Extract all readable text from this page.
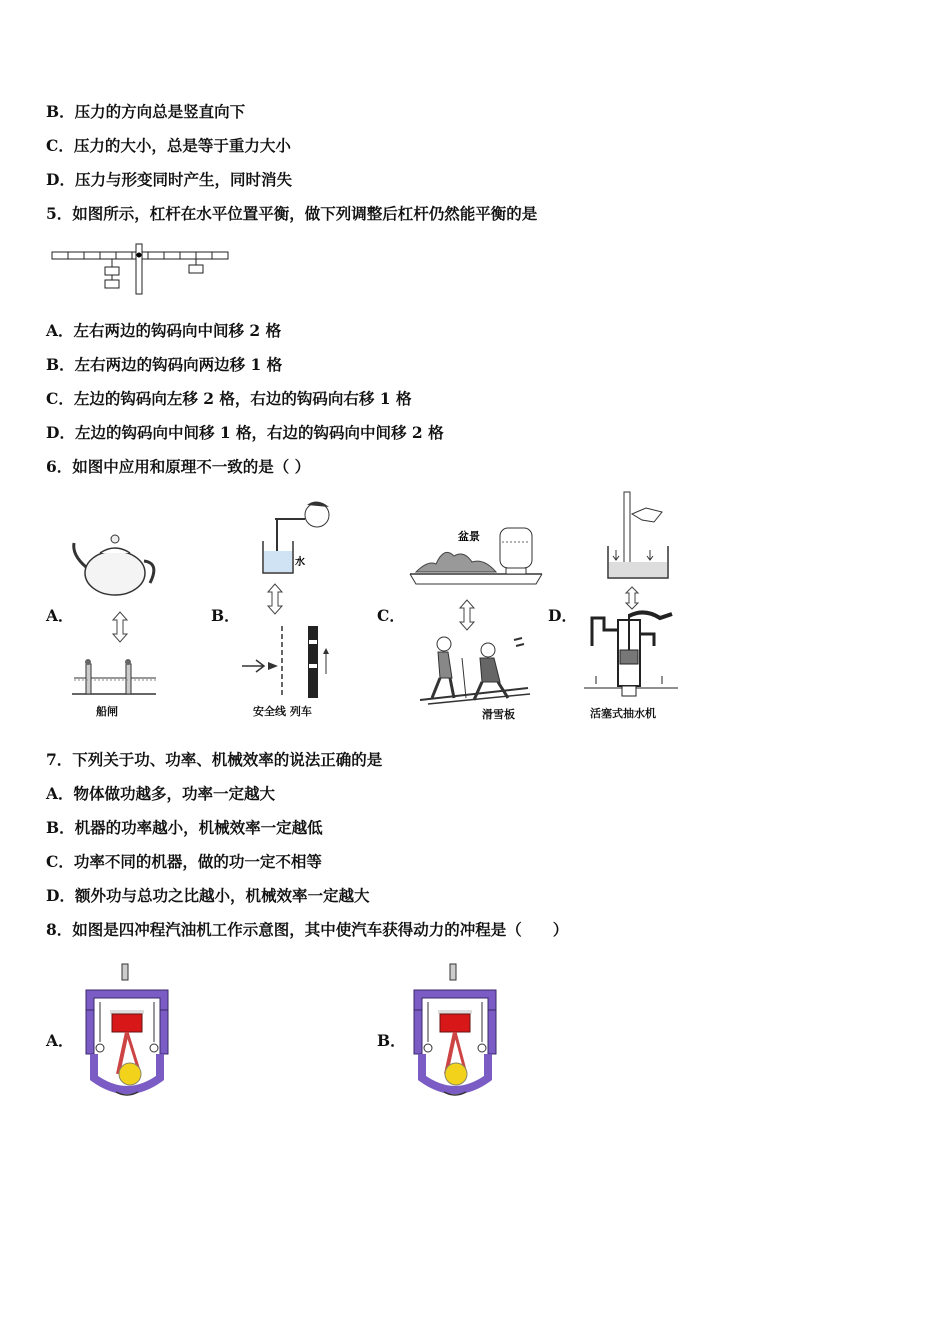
B．压力的方向总是竖直向下
C．压力的大小，总是等于重力大小
D．压力与形变同时产生，同时消失
5．如图所示，杠杆在水平位置平衡，做下列调整后杠杆仍然能平衡的是
A．左右两边的钩码向中间移 2 格
B．左右两边的钩码向两边移 1 格
C．左边的钩码向左移 2 格，右边的钩码向右移 1 格
D．左边的钩码向中间移 1 格，右边的钩码向中间移 2 格
6．如图中应用和原理不一致的是（ ）
A．	B．	C．	D．
船闸
水
安全线 列车
盆景
滑雪板	活塞式抽水机
7．下列关于功、功率、机械效率的说法正确的是
A．物体做功越多，功率一定越大
B．机器的功率越小，机械效率一定越低
C．功率不同的机器，做的功一定不相等
D．额外功与总功之比越小，机械效率一定越大
8．如图是四冲程汽油机工作示意图，其中使汽车获得动力的冲程是（　　）
A．	B．
